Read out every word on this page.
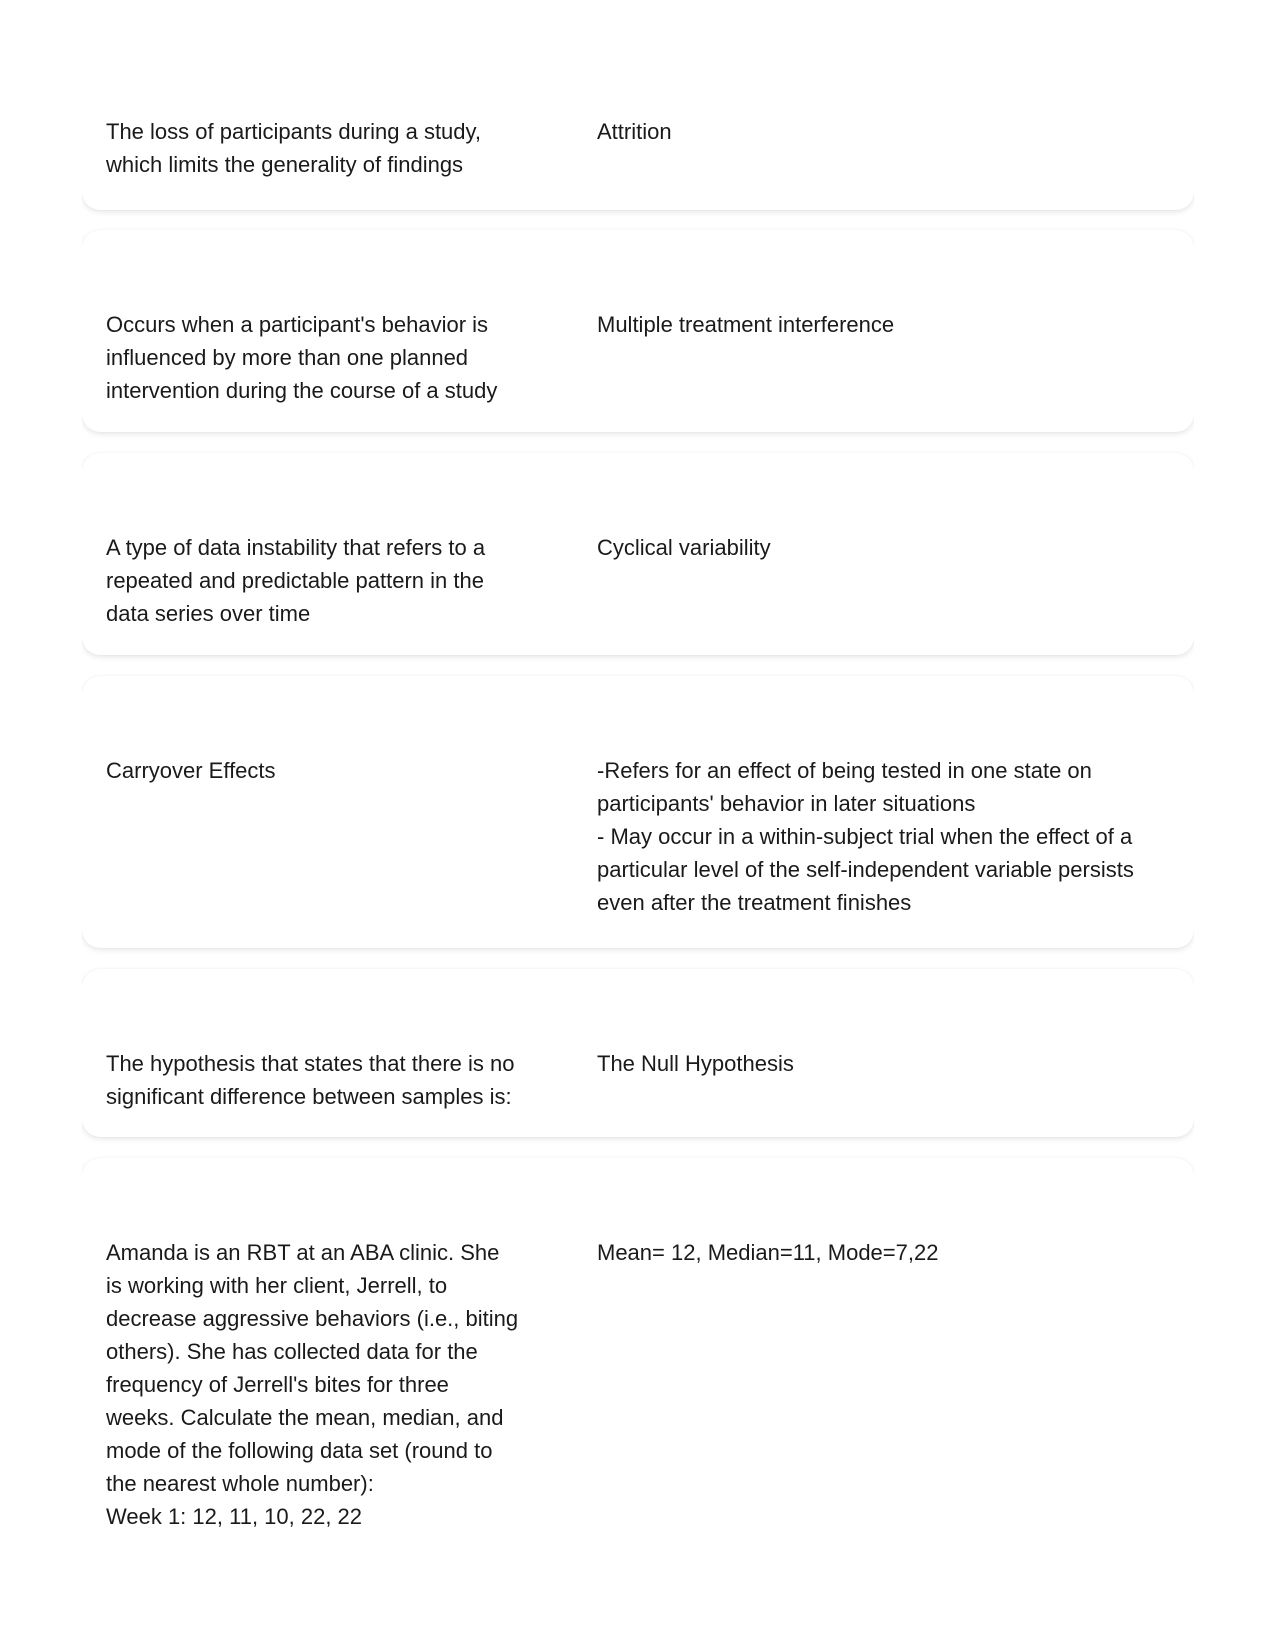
The loss of participants during a study,
which limits the generality of findings

Attrition

Occurs when a participant's behavior is
influenced by more than one planned
intervention during the course of a study

Multiple treatment interference

A type of data instability that refers to a
repeated and predictable pattern in the
data series over time

Cyclical variability

Carryover Effects	-Refers for an effect of being tested in one state on
participants' behavior in later situations
- May occur in a within-subject trial when the effect of a
particular level of the self-independent variable persists
even after the treatment finishes

The hypothesis that states that there is no
significant difference between samples is:

The Null Hypothesis

Amanda is an RBT at an ABA clinic. She
is working with her client, Jerrell, to
decrease aggressive behaviors (i.e., biting
others). She has collected data for the
frequency of Jerrell's bites for three
weeks. Calculate the mean, median, and
mode of the following data set (round to
the nearest whole number):
Week 1: 12, 11, 10, 22, 22

Mean= 12, Median=11, Mode=7,22
